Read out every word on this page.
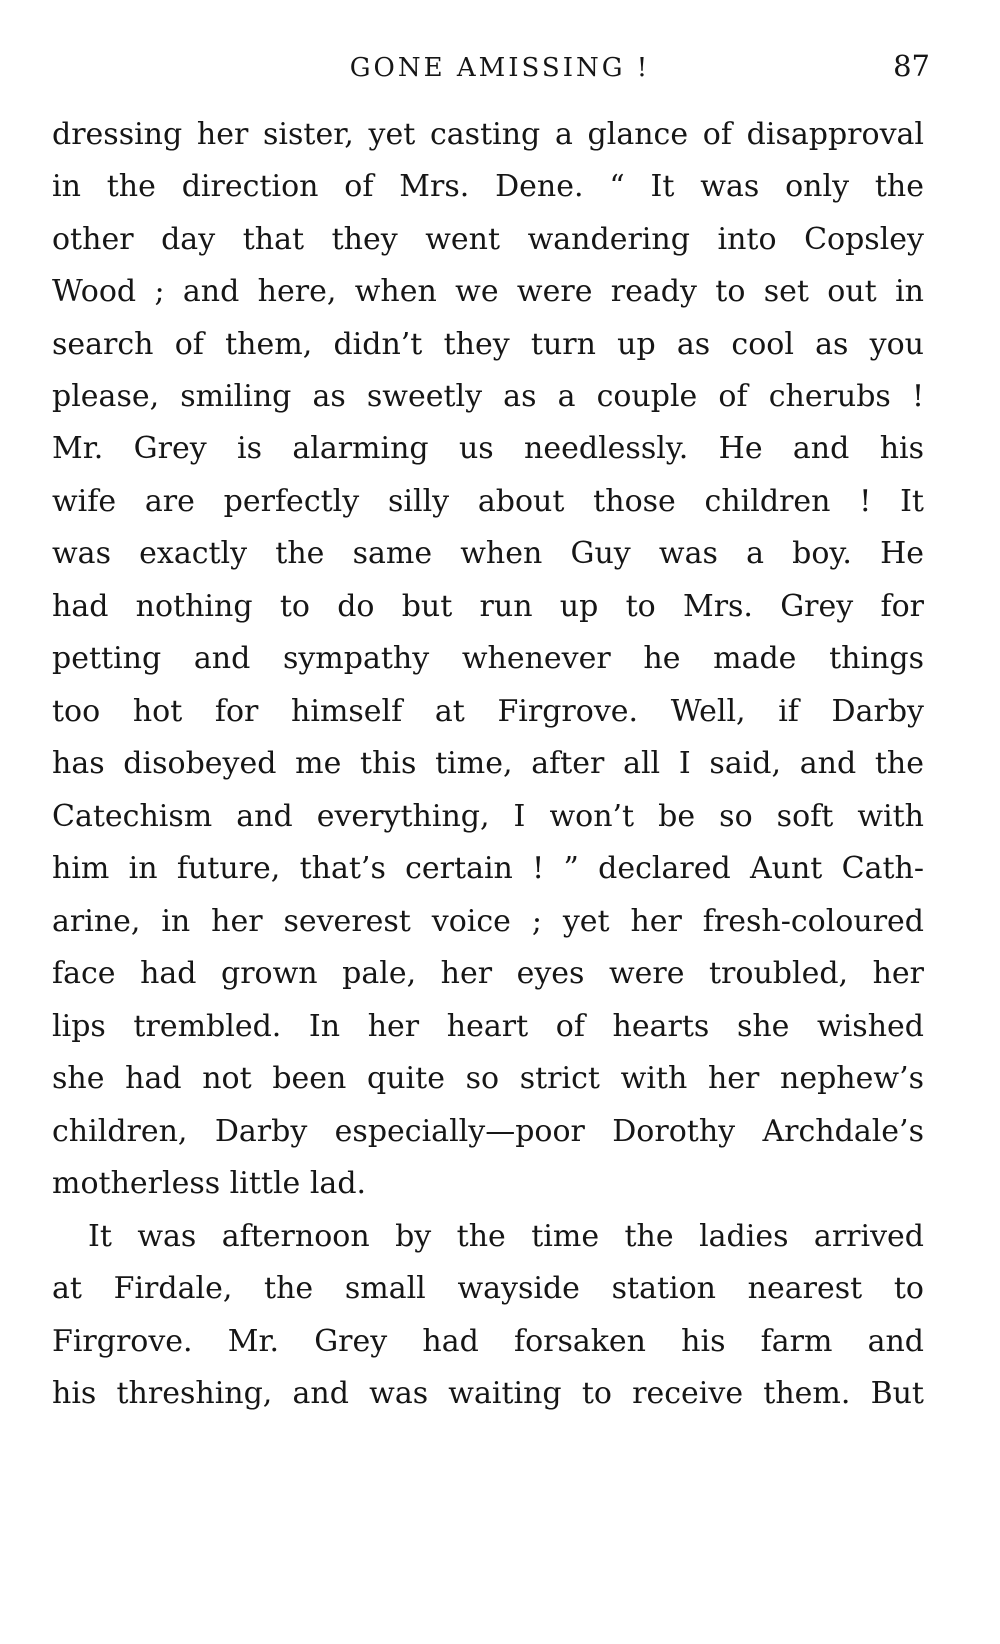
GONE AMISSING !	87
dressing her sister, yet casting a glance of disapproval
in the direction of Mrs. Dene. “ It was only the
other day that they went wandering into Copsley
Wood ; and here, when we were ready to set out in
search of them, didn’t they turn up as cool as you
please, smiling as sweetly as a couple of cherubs !
Mr. Grey is alarming us needlessly. He and his
wife are perfectly silly about those children ! It
was exactly the same when Guy was a boy. He
had nothing to do but run up to Mrs. Grey for
petting and sympathy whenever he made things
too hot for himself at Firgrove. Well, if Darby
has disobeyed me this time, after all I said, and the
Catechism and everything, I won’t be so soft with
him in future, that’s certain ! ” declared Aunt Cath-
arine, in her severest voice ; yet her fresh-coloured
face had grown pale, her eyes were troubled, her
lips trembled. In her heart of hearts she wished
she had not been quite so strict with her nephew’s
children, Darby especially—poor Dorothy Archdale’s
motherless little lad.
It was afternoon by the time the ladies arrived
at Firdale, the small wayside station nearest to
Firgrove. Mr. Grey had forsaken his farm and
his threshing, and was waiting to receive them. But
